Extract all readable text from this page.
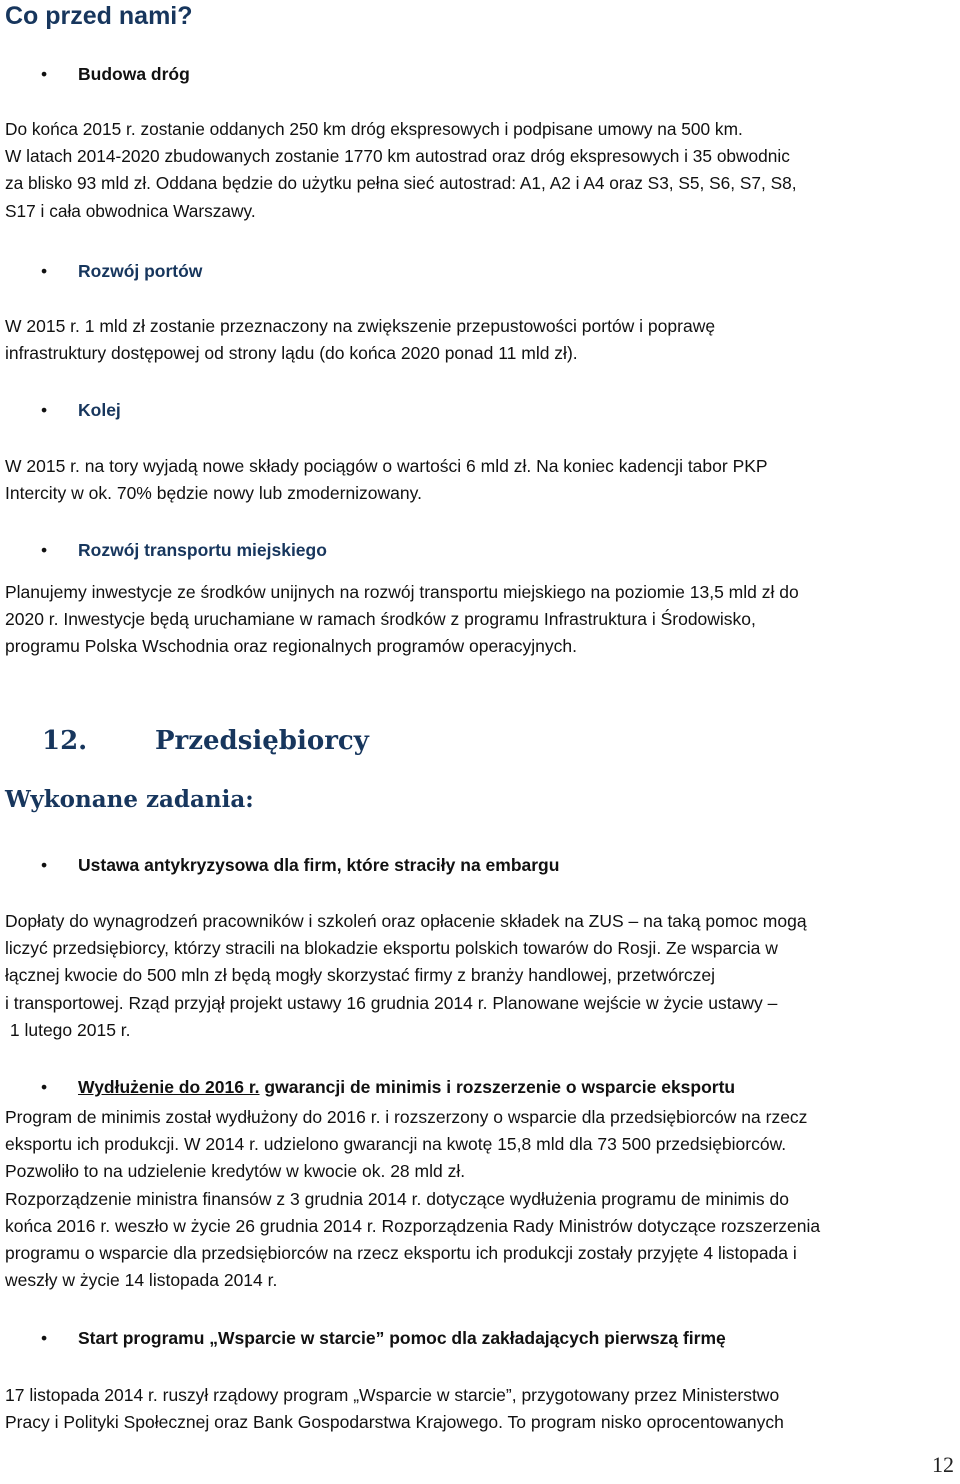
Co przed nami?
• Budowa dróg
Do końca 2015 r. zostanie oddanych 250 km dróg ekspresowych i podpisane umowy na 500 km.
W latach 2014-2020 zbudowanych zostanie 1770 km autostrad oraz dróg ekspresowych i 35 obwodnic
za blisko 93 mld zł. Oddana będzie do użytku pełna sieć autostrad: A1, A2 i A4 oraz S3, S5, S6, S7, S8,
S17 i cała obwodnica Warszawy.
• Rozwój portów
W 2015 r. 1 mld zł zostanie przeznaczony na zwiększenie przepustowości portów i poprawę
infrastruktury dostępowej od strony lądu (do końca 2020 ponad 11 mld zł).
• Kolej
W 2015 r. na tory wyjadą nowe składy pociągów o wartości 6 mld zł. Na koniec kadencji tabor PKP
Intercity w ok. 70% będzie nowy lub zmodernizowany.
• Rozwój transportu miejskiego
Planujemy inwestycje ze środków unijnych na rozwój transportu miejskiego na poziomie 13,5 mld zł do
2020 r. Inwestycje będą uruchamiane w ramach środków z programu Infrastruktura i Środowisko,
programu Polska Wschodnia oraz regionalnych programów operacyjnych.
12.	Przedsiębiorcy
Wykonane zadania:
• Ustawa antykryzysowa dla firm, które straciły na embargu
Dopłaty do wynagrodzeń pracowników i szkoleń oraz opłacenie składek na ZUS – na taką pomoc mogą
liczyć przedsiębiorcy, którzy stracili na blokadzie eksportu polskich towarów do Rosji. Ze wsparcia w
łącznej kwocie do 500 mln zł będą mogły skorzystać firmy z branży handlowej, przetwórczej
i transportowej. Rząd przyjął projekt ustawy 16 grudnia 2014 r. Planowane wejście w życie ustawy –
1 lutego 2015 r.
• Wydłużenie do 2016 r. gwarancji de minimis i rozszerzenie o wsparcie eksportu
Program de minimis został wydłużony do 2016 r. i rozszerzony o wsparcie dla przedsiębiorców na rzecz
eksportu ich produkcji. W 2014 r. udzielono gwarancji na kwotę 15,8 mld dla 73 500 przedsiębiorców.
Pozwoliło to na udzielenie kredytów w kwocie ok. 28 mld zł.
Rozporządzenie ministra finansów z 3 grudnia 2014 r. dotyczące wydłużenia programu de minimis do
końca 2016 r. weszło w życie 26 grudnia 2014 r. Rozporządzenia Rady Ministrów dotyczące rozszerzenia
programu o wsparcie dla przedsiębiorców na rzecz eksportu ich produkcji zostały przyjęte 4 listopada i
weszły w życie 14 listopada 2014 r.
• Start programu „Wsparcie w starcie” pomoc dla zakładających pierwszą firmę
17 listopada 2014 r. ruszył rządowy program „Wsparcie w starcie”, przygotowany przez Ministerstwo
Pracy i Polityki Społecznej oraz Bank Gospodarstwa Krajowego. To program nisko oprocentowanych
12
